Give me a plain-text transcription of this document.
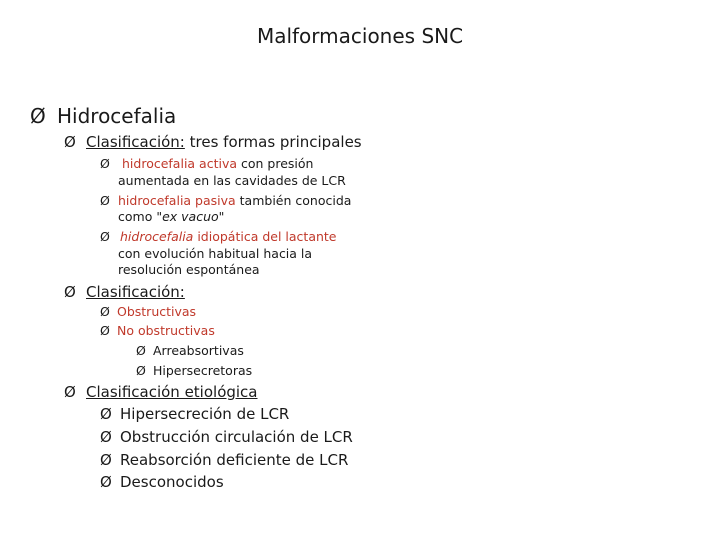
Malformaciones SNC
Ø Hidrocefalia
Ø Clasificación: tres formas principales
Ø hidrocefalia activa con presión
aumentada en las cavidades de LCR
Ø hidrocefalia pasiva también conocida
como "ex vacuo"
Ø hidrocefalia idiopática del lactante
con evolución habitual hacia la
resolución espontánea
Ø Clasificación:
Ø Obstructivas
Ø No obstructivas
Ø Arreabsortivas
Ø Hipersecretoras
Ø Clasificación etiológica
Ø Hipersecreción de LCR
Ø Obstrucción circulación de LCR
Ø Reabsorción deficiente de LCR
Ø Desconocidos
